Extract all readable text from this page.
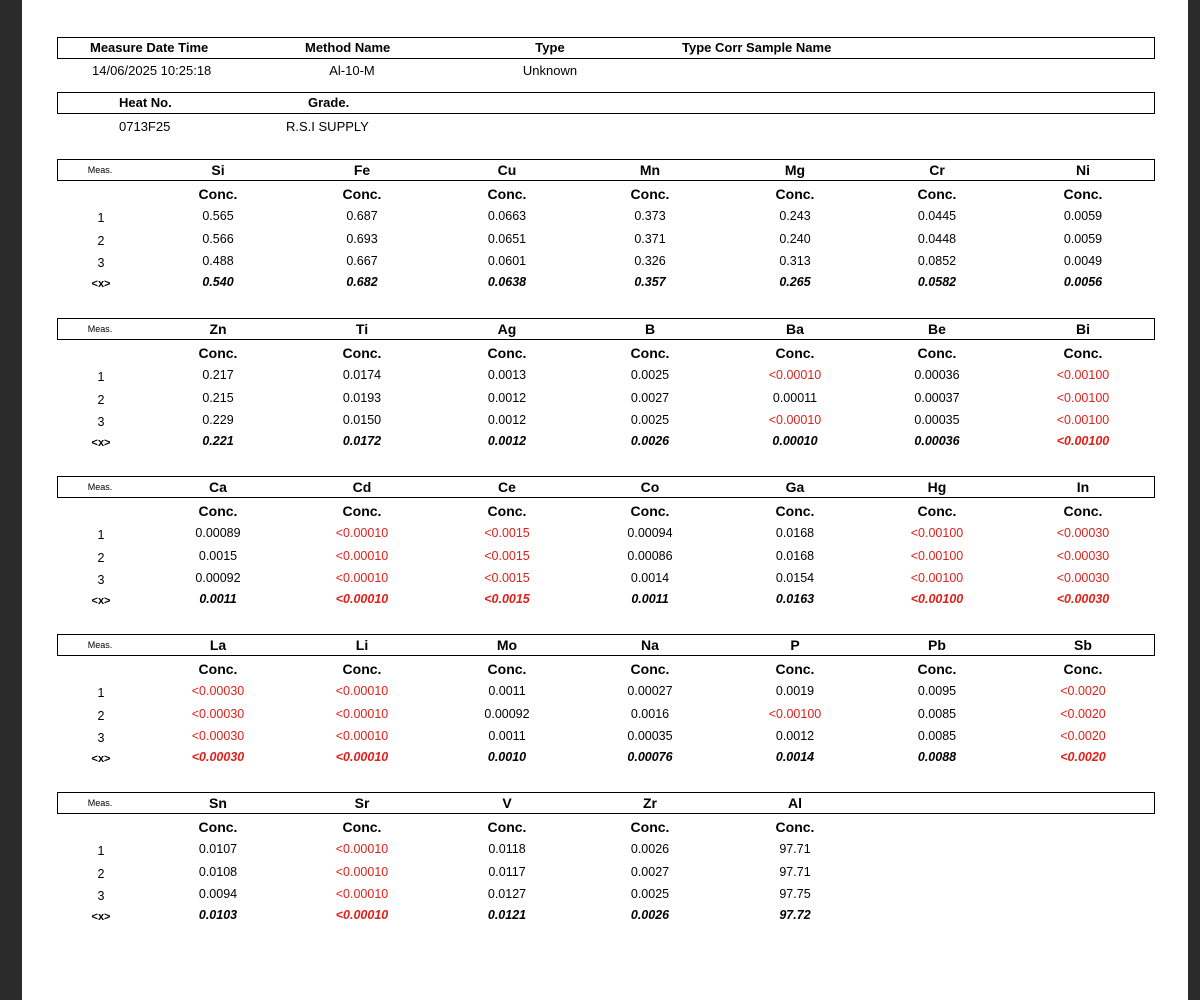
Measure Date Time
14/06/2025 10:25:18
Method Name
Al-10-M
Type
Unknown
Type Corr Sample Name
Heat No.
0713F25
Grade.
R.S.I SUPPLY
Meas.
1
2
3
<x>
Si
Conc.
0.565
0.566
0.488
0.540
Fe
Conc.
0.687
0.693
0.667
0.682
Cu
Conc.
0.0663
0.0651
0.0601
0.0638
Mn
Conc.
0.373
0.371
0.326
0.357
Mg
Conc.
0.243
0.240
0.313
0.265
Cr
Conc.
0.0445
0.0448
0.0852
0.0582
Ni
Conc.
0.0059
0.0059
0.0049
0.0056
Meas.
1
2
3
<x>
Zn
Conc.
0.217
0.215
0.229
0.221
Ti
Conc.
0.0174
0.0193
0.0150
0.0172
Ag
Conc.
0.0013
0.0012
0.0012
0.0012
B
Conc.
0.0025
0.0027
0.0025
0.0026
Ba
Conc.
<0.00010
0.00011
<0.00010
0.00010
Be
Conc.
0.00036
0.00037
0.00035
0.00036
Bi
Conc.
<0.00100
<0.00100
<0.00100
<0.00100
Meas.
1
2
3
<x>
Ca
Conc.
0.00089
0.0015
0.00092
0.0011
Cd
Conc.
<0.00010
<0.00010
<0.00010
<0.00010
Ce
Conc.
<0.0015
<0.0015
<0.0015
<0.0015
Co
Conc.
0.00094
0.00086
0.0014
0.0011
Ga
Conc.
0.0168
0.0168
0.0154
0.0163
Hg
Conc.
<0.00100
<0.00100
<0.00100
<0.00100
In
Conc.
<0.00030
<0.00030
<0.00030
<0.00030
Meas.
1
2
3
<x>
La
Conc.
<0.00030
<0.00030
<0.00030
<0.00030
Li
Conc.
<0.00010
<0.00010
<0.00010
<0.00010
Mo
Conc.
0.0011
0.00092
0.0011
0.0010
Na
Conc.
0.00027
0.0016
0.00035
0.00076
P
Conc.
0.0019
<0.00100
0.0012
0.0014
Pb
Conc.
0.0095
0.0085
0.0085
0.0088
Sb
Conc.
<0.0020
<0.0020
<0.0020
<0.0020
Meas.
1
2
3
<x>
Sn
Conc.
0.0107
0.0108
0.0094
0.0103
Sr
Conc.
<0.00010
<0.00010
<0.00010
<0.00010
V
Conc.
0.0118
0.0117
0.0127
0.0121
Zr
Conc.
0.0026
0.0027
0.0025
0.0026
Al
Conc.
97.71
97.71
97.75
97.72
